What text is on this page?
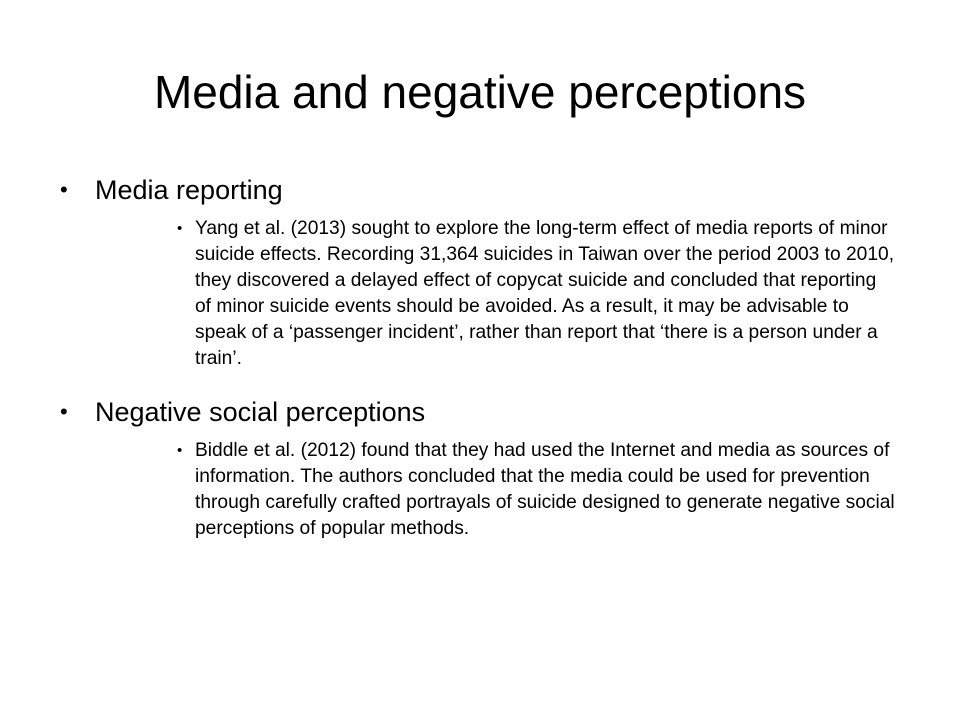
Media and negative perceptions
• Media reporting
• Yang et al. (2013) sought to explore the long-term effect of media reports of minor suicide effects. Recording 31,364 suicides in Taiwan over the period 2003 to 2010, they discovered a delayed effect of copycat suicide and concluded that reporting of minor suicide events should be avoided. As a result, it may be advisable to speak of a ‘passenger incident’, rather than report that ‘there is a person under a train’.
• Negative social perceptions
• Biddle et al. (2012) found that they had used the Internet and media as sources of information. The authors concluded that the media could be used for prevention through carefully crafted portrayals of suicide designed to generate negative social perceptions of popular methods.
